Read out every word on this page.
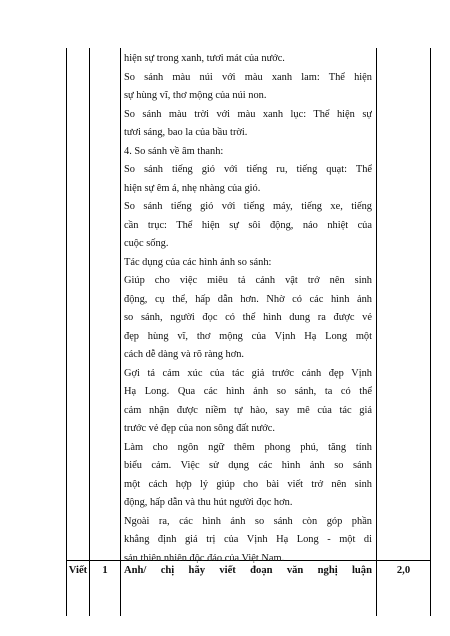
hiện sự trong xanh, tươi mát của nước.
So sánh màu núi với màu xanh lam: Thể hiện
sự hùng vĩ, thơ mộng của núi non.
So sánh màu trời với màu xanh lục: Thể hiện sự
tươi sáng, bao la của bầu trời.
4. So sánh về âm thanh:
So sánh tiếng gió với tiếng ru, tiếng quạt: Thể
hiện sự êm á, nhẹ nhàng của gió.
So sánh tiếng gió với tiếng máy, tiếng xe, tiếng
cần trục: Thể hiện sự sôi động, náo nhiệt của
cuộc sống.
Tác dụng của các hình ảnh so sánh:
Giúp cho việc miêu tả cảnh vật trở nên sinh
động, cụ thể, hấp dẫn hơn. Nhờ có các hình ảnh
so sánh, người đọc có thể hình dung ra được vẻ
đẹp hùng vĩ, thơ mộng của Vịnh Hạ Long một
cách dễ dàng và rõ ràng hơn.
Gợi tả cảm xúc của tác giả trước cảnh đẹp Vịnh
Hạ Long. Qua các hình ảnh so sánh, ta có thể
cảm nhận được niềm tự hào, say mê của tác giả
trước vẻ đẹp của non sông đất nước.
Làm cho ngôn ngữ thêm phong phú, tăng tính
biểu cảm. Việc sử dụng các hình ảnh so sánh
một cách hợp lý giúp cho bài viết trở nên sinh
động, hấp dẫn và thu hút người đọc hơn.
Ngoài ra, các hình ảnh so sánh còn góp phần
khẳng định giá trị của Vịnh Hạ Long - một di
sản thiên nhiên độc đáo của Việt Nam.
Viết	1	Anh/ chị hãy viết đoạn văn nghị luận	2,0
